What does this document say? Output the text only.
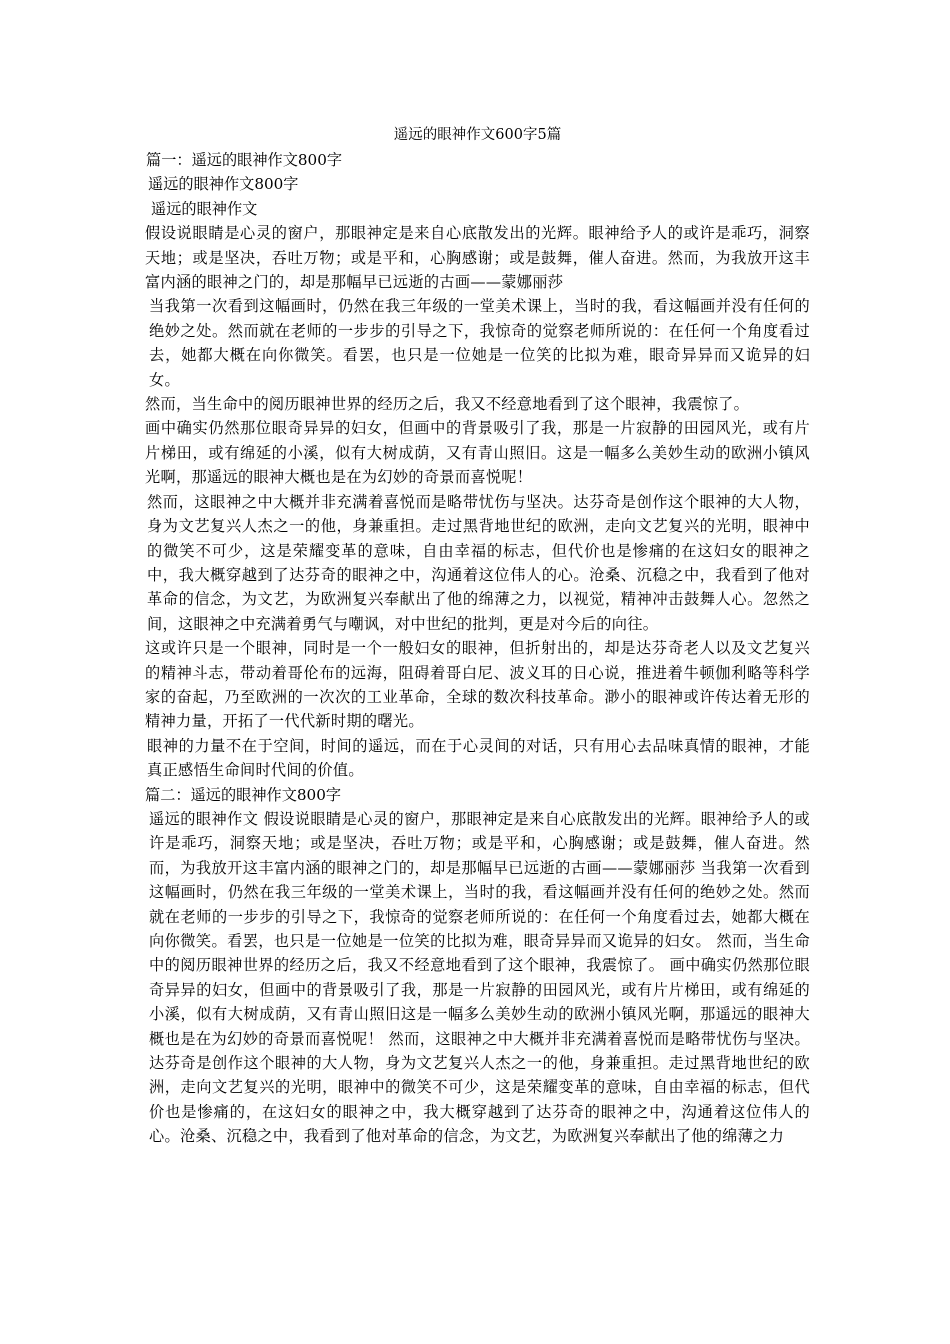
遥远的眼神作文600字5篇

篇一：遥远的眼神作文800字

遥远的眼神作文800字

遥远的眼神作文

假设说眼睛是心灵的窗户，那眼神定是来自心底散发出的光辉。眼神给予人的或许是乖巧，洞察天地；或是坚决，吞吐万物；或是平和，心胸感谢；或是鼓舞，催人奋进。然而，为我放开这丰富内涵的眼神之门的，却是那幅早已远逝的古画——蒙娜丽莎

当我第一次看到这幅画时，仍然在我三年级的一堂美术课上，当时的我，看这幅画并没有任何的绝妙之处。然而就在老师的一步步的引导之下，我惊奇的觉察老师所说的：在任何一个角度看过去，她都大概在向你微笑。看罢，也只是一位她是一位笑的比拟为难，眼奇异异而又诡异的妇女。

然而，当生命中的阅历眼神世界的经历之后，我又不经意地看到了这个眼神，我震惊了。

画中确实仍然那位眼奇异异的妇女，但画中的背景吸引了我，那是一片寂静的田园风光，或有片片梯田，或有绵延的小溪，似有大树成荫，又有青山照旧。这是一幅多么美妙生动的欧洲小镇风光啊，那遥远的眼神大概也是在为幻妙的奇景而喜悦呢！

然而，这眼神之中大概并非充满着喜悦而是略带忧伤与坚决。达芬奇是创作这个眼神的大人物，身为文艺复兴人杰之一的他，身兼重担。走过黑背地世纪的欧洲，走向文艺复兴的光明，眼神中的微笑不可少，这是荣耀变革的意味，自由幸福的标志，但代价也是惨痛的在这妇女的眼神之中，我大概穿越到了达芬奇的眼神之中，沟通着这位伟人的心。沧桑、沉稳之中，我看到了他对革命的信念，为文艺，为欧洲复兴奉献出了他的绵薄之力，以视觉，精神冲击鼓舞人心。忽然之间，这眼神之中充满着勇气与嘲讽，对中世纪的批判，更是对今后的向往。

这或许只是一个眼神，同时是一个一般妇女的眼神，但折射出的，却是达芬奇老人以及文艺复兴的精神斗志，带动着哥伦布的远海，阻碍着哥白尼、波义耳的日心说，推进着牛顿伽利略等科学家的奋起，乃至欧洲的一次次的工业革命，全球的数次科技革命。渺小的眼神或许传达着无形的精神力量，开拓了一代代新时期的曙光。

眼神的力量不在于空间，时间的遥远，而在于心灵间的对话，只有用心去品味真情的眼神，才能真正感悟生命间时代间的价值。

篇二：遥远的眼神作文800字

遥远的眼神作文 假设说眼睛是心灵的窗户，那眼神定是来自心底散发出的光辉。眼神给予人的或许是乖巧，洞察天地；或是坚决，吞吐万物；或是平和，心胸感谢；或是鼓舞，催人奋进。然而，为我放开这丰富内涵的眼神之门的，却是那幅早已远逝的古画——蒙娜丽莎 当我第一次看到这幅画时，仍然在我三年级的一堂美术课上，当时的我，看这幅画并没有任何的绝妙之处。然而就在老师的一步步的引导之下，我惊奇的觉察老师所说的：在任何一个角度看过去，她都大概在向你微笑。看罢，也只是一位她是一位笑的比拟为难，眼奇异异而又诡异的妇女。 然而，当生命中的阅历眼神世界的经历之后，我又不经意地看到了这个眼神，我震惊了。 画中确实仍然那位眼奇异异的妇女，但画中的背景吸引了我，那是一片寂静的田园风光，或有片片梯田，或有绵延的小溪，似有大树成荫，又有青山照旧这是一幅多么美妙生动的欧洲小镇风光啊，那遥远的眼神大概也是在为幻妙的奇景而喜悦呢！ 然而，这眼神之中大概并非充满着喜悦而是略带忧伤与坚决。达芬奇是创作这个眼神的大人物，身为文艺复兴人杰之一的他，身兼重担。走过黑背地世纪的欧洲，走向文艺复兴的光明，眼神中的微笑不可少，这是荣耀变革的意味，自由幸福的标志，但代价也是惨痛的，在这妇女的眼神之中，我大概穿越到了达芬奇的眼神之中，沟通着这位伟人的心。沧桑、沉稳之中，我看到了他对革命的信念，为文艺，为欧洲复兴奉献出了他的绵薄之力
